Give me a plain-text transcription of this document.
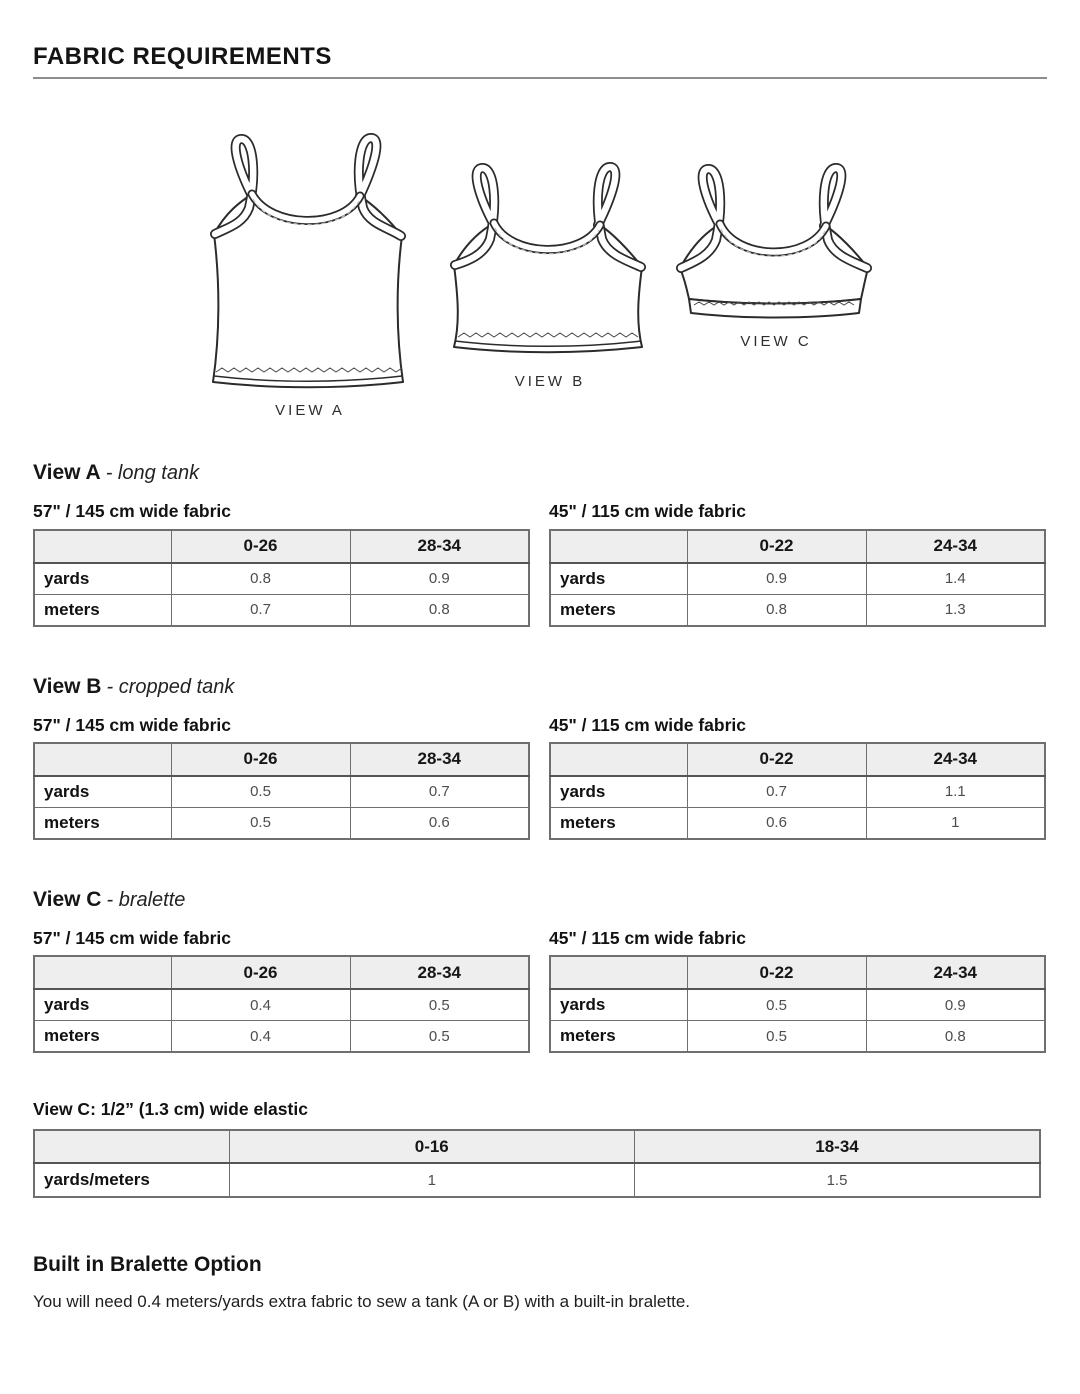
FABRIC REQUIREMENTS
VIEW A
VIEW B
VIEW C
View A - long tank
57" / 145 cm wide fabric
	0-26	28-34
yards	0.8	0.9
meters	0.7	0.8
45" / 115 cm wide fabric
	0-22	24-34
yards	0.9	1.4
meters	0.8	1.3
View B - cropped tank
57" / 145 cm wide fabric
	0-26	28-34
yards	0.5	0.7
meters	0.5	0.6
45" / 115 cm wide fabric
	0-22	24-34
yards	0.7	1.1
meters	0.6	1
View C - bralette
57" / 145 cm wide fabric
	0-26	28-34
yards	0.4	0.5
meters	0.4	0.5
45" / 115 cm wide fabric
	0-22	24-34
yards	0.5	0.9
meters	0.5	0.8
View C: 1/2” (1.3 cm) wide elastic
	0-16	18-34
yards/meters	1	1.5
Built in Bralette Option

You will need 0.4 meters/yards extra fabric to sew a tank (A or B) with a built-in bralette.
